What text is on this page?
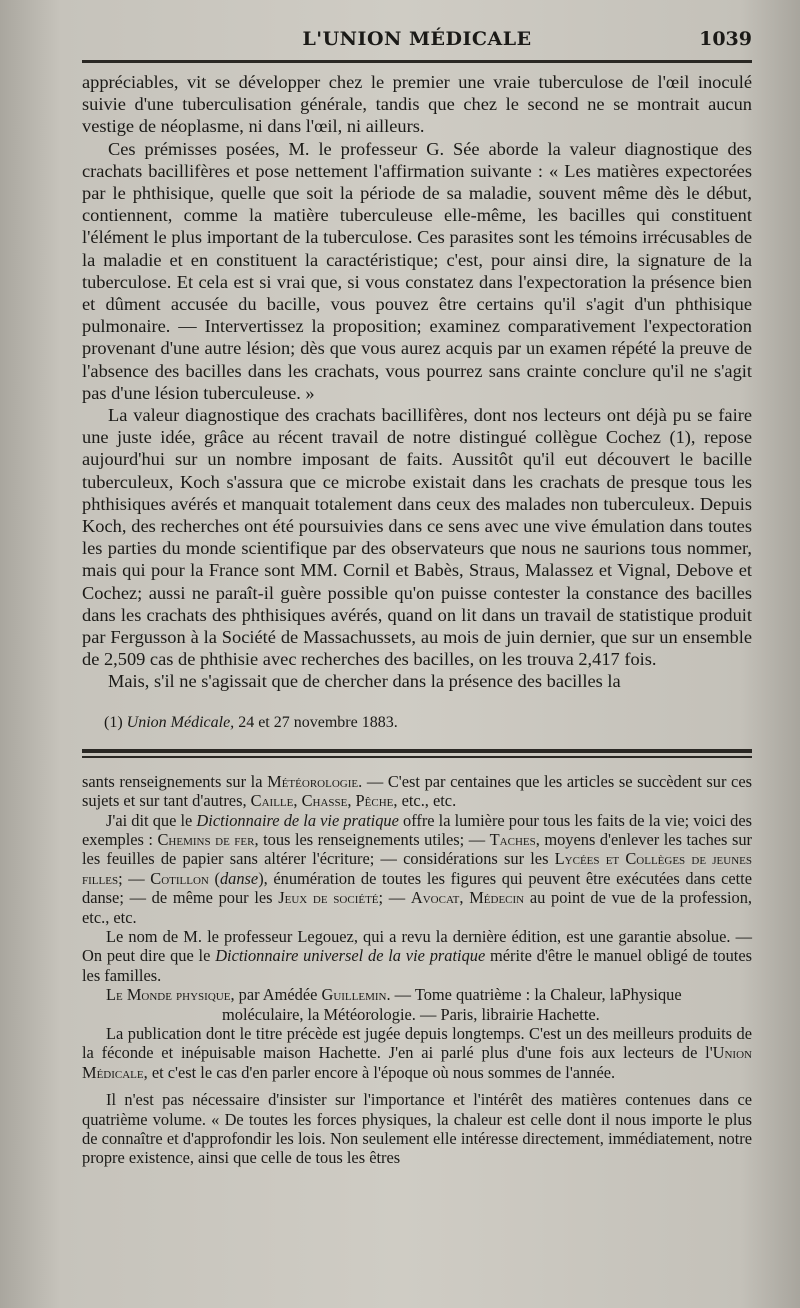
L'UNION MÉDICALE	1039

appréciables, vit se développer chez le premier une vraie tuberculose de l'œil inoculé suivie d'une tuberculisation générale, tandis que chez le second ne se montrait aucun vestige de néoplasme, ni dans l'œil, ni ailleurs.

Ces prémisses posées, M. le professeur G. Sée aborde la valeur diagnostique des crachats bacillifères et pose nettement l'affirmation suivante : « Les matières expectorées par le phthisique, quelle que soit la période de sa maladie, souvent même dès le début, contiennent, comme la matière tuberculeuse elle-même, les bacilles qui constituent l'élément le plus important de la tuberculose. Ces parasites sont les témoins irrécusables de la maladie et en constituent la caractéristique; c'est, pour ainsi dire, la signature de la tuberculose. Et cela est si vrai que, si vous constatez dans l'expectoration la présence bien et dûment accusée du bacille, vous pouvez être certains qu'il s'agit d'un phthisique pulmonaire. — Intervertissez la proposition; examinez comparativement l'expectoration provenant d'une autre lésion; dès que vous aurez acquis par un examen répété la preuve de l'absence des bacilles dans les crachats, vous pourrez sans crainte conclure qu'il ne s'agit pas d'une lésion tuberculeuse. »

La valeur diagnostique des crachats bacillifères, dont nos lecteurs ont déjà pu se faire une juste idée, grâce au récent travail de notre distingué collègue Cochez (1), repose aujourd'hui sur un nombre imposant de faits. Aussitôt qu'il eut découvert le bacille tuberculeux, Koch s'assura que ce microbe existait dans les crachats de presque tous les phthisiques avérés et manquait totalement dans ceux des malades non tuberculeux. Depuis Koch, des recherches ont été poursuivies dans ce sens avec une vive émulation dans toutes les parties du monde scientifique par des observateurs que nous ne saurions tous nommer, mais qui pour la France sont MM. Cornil et Babès, Straus, Malassez et Vignal, Debove et Cochez; aussi ne paraît-il guère possible qu'on puisse contester la constance des bacilles dans les crachats des phthisiques avérés, quand on lit dans un travail de statistique produit par Fergusson à la Société de Massachussets, au mois de juin dernier, que sur un ensemble de 2,509 cas de phthisie avec recherches des bacilles, on les trouva 2,417 fois.

Mais, s'il ne s'agissait que de chercher dans la présence des bacilles la

(1) Union Médicale, 24 et 27 novembre 1883.

sants renseignements sur la Météorologie. — C'est par centaines que les articles se succèdent sur ces sujets et sur tant d'autres, Caille, Chasse, Pêche, etc., etc.

J'ai dit que le Dictionnaire de la vie pratique offre la lumière pour tous les faits de la vie; voici des exemples : Chemins de fer, tous les renseignements utiles; — Taches, moyens d'enlever les taches sur les feuilles de papier sans altérer l'écriture; — considérations sur les Lycées et Collèges de jeunes filles; — Cotillon (danse), énumération de toutes les figures qui peuvent être exécutées dans cette danse; — de même pour les Jeux de société; — Avocat, Médecin au point de vue de la profession, etc., etc.

Le nom de M. le professeur Legouez, qui a revu la dernière édition, est une garantie absolue. — On peut dire que le Dictionnaire universel de la vie pratique mérite d'être le manuel obligé de toutes les familles.

Le Monde physique, par Amédée Guillemin. — Tome quatrième : la Chaleur, laPhysique
moléculaire, la Météorologie. — Paris, librairie Hachette.

La publication dont le titre précède est jugée depuis longtemps. C'est un des meilleurs produits de la féconde et inépuisable maison Hachette. J'en ai parlé plus d'une fois aux lecteurs de l'Union Médicale, et c'est le cas d'en parler encore à l'époque où nous sommes de l'année.

Il n'est pas nécessaire d'insister sur l'importance et l'intérêt des matières contenues dans ce quatrième volume. « De toutes les forces physiques, la chaleur est celle dont il nous importe le plus de connaître et d'approfondir les lois. Non seulement elle intéresse directement, immédiatement, notre propre existence, ainsi que celle de tous les êtres
